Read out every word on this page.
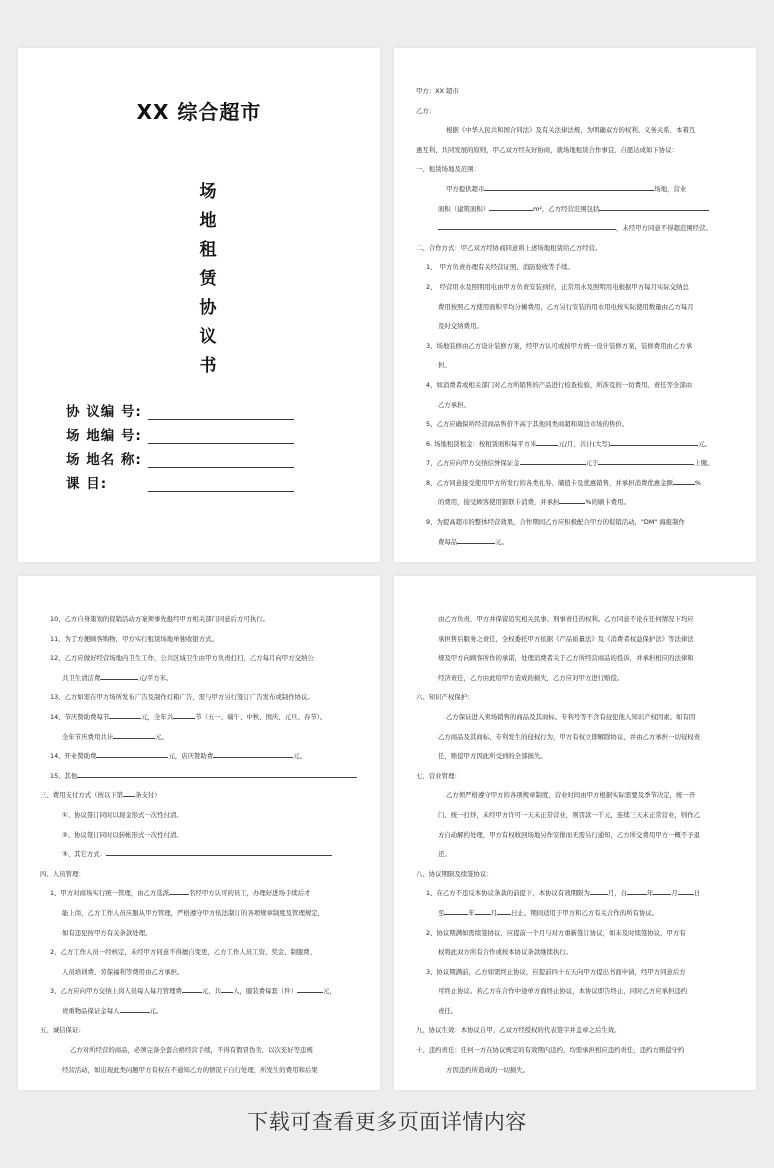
XX 综合超市
场
地
租
赁
协
议
书
协 议编 号:
场 地编 号:
场 地名 称:
课 目:

甲方：XX 超市

乙方：

根据《中华人民共和国合同法》及有关法律法规，为明确双方的权利、义务关系，本着互

惠互利、共同发展的原则，甲乙双方经友好协商，就场地租赁合作事宜，自愿达成如下协议：

一、租赁场地及范围：

甲方提供超市	场地，营业

面积（建筑面积）	m²，乙方经营范围包括

，未经甲方同意不得超范围经营。

二、合作方式：甲乙双方经协商同意将上述场地租赁给乙方经营。

1、　甲方负责办理有关经营证照、消防验收等手续。

2、　经营用水及照明用电由甲方负责安装到位，正常用水及照明用电根据甲方每月实际交纳总

费用按照乙方使用面积平均分摊费用，乙方另行安装的用水用电按实际使用数量由乙方每月

及时交纳费用。

3、场地装修由乙方设计装修方案，经甲方认可或按甲方统一设计装修方案，装修费用由乙方承

担。

4、如消费者或相关部门对乙方所销售的产品进行检查检验，所涉及的一切费用、责任等全部由

乙方承担。

5、乙方应确保所经营商品售价不高于其他同类商超和周边市场的售价。

6. 场地租赁租金：按租赁面积每平方米	元/月，共计(大写)	元。

7、乙方应向甲方交纳信誉保证金	元于	上缴。

8、乙方同意接受使用甲方所发行的各类礼券、储值卡及优惠销售，并承担消费优惠金额	%

的费用，接受顾客使用银联卡消费，并承担	%的刷卡费用。

9、为提高超市的整体经营效果，合作期间乙方应积极配合甲方的促销活动，"DM" 海报制作

费每品	元。

10、乙方自身策划的促销活动方案须事先报经甲方相关部门同意后方可执行。

11、为了方便顾客购物，甲方实行租赁场地单独收银方式。

12、乙方应做好经营场地内卫生工作，公共区域卫生由甲方负责打扫，乙方每月向甲方交纳公

共卫生清洁费	元/平方米。

13、乙方如需在甲方场所发布广告及制作灯箱广告，需与甲方另行签订广告发布或制作协议。

14、节庆赞助费每节	元，全年共	节（五一、端午、中秋、国庆、元旦、春节）。

全年节庆费用共计	元。

14、开业赞助费	元，店庆赞助费	元。

15、其他

三、费用支付方式（按以下第 条支付）

①、协议签订同时以现金形式一次性付清。

②、协议签订同时以转帐形式一次性付清。

③、其它方式：

四、人员管理：

1、甲方对商场实行统一管理，由乙方选派	名经甲方认可的员工，办理好进场手续后才

能上岗，乙方工作人员应服从甲方管理，严格遵守甲方依法制订的各项规章制度及管理规定，

如有违犯按甲方有关条款处理。

2、乙方工作人员一经核定，未经甲方同意不得擅自变更，乙方工作人员工资、奖金、制服费、

人员培训费、劳保福利等费用由乙方承担。

3、乙方应向甲方交纳上岗人员每人每月管理费	元，共 人，服装费每套（件）	元，

贵重物品保证金每人	元。

五、诚信保证：

乙方对所经营的商品，必须完备全套合格经营手续，不得有假冒伪劣，以次充好等违规

经营活动，如出现此类问题甲方有权在不通知乙方的情况下自行处理，所发生的费用和后果

由乙方负责，甲方并保留追究相关民事、刑事责任的权利。乙方同意不论在任何情况下均应

承担售后服务之责任，全权委托甲方依据《产品质量法》及《消费者权益保护法》等法律法

规及甲方向顾客所作的承诺，处理消费者关于乙方所经营商品的投诉，并承担相应的法律和

经济责任，乙方由此给甲方造成的损失，乙方应对甲方进行赔偿。

六、知识产权保护：

乙方保证进入卖场销售的商品及其商标、专利号等不含有侵犯他人知识产权因素。如有因

乙方商品及其商标、专利发生的侵权行为，甲方有权立即解除协议，并由乙方承担一切侵权责

任，赔偿甲方因此所受到的全部损失。

七、营业管理：

乙方须严格遵守甲方的各项规章制度，营业时间由甲方根据实际需要及季节决定，统一开

门、统一打烊，未经甲方许可一天未正常营业，则罚款一千元，连续三天未正常营业，则作乙

方自动解约处理，甲方有权收回场地另作安排而无需另行通知，乙方所交费用甲方一概不予退

还。

八、协议期限及续签协议：

1、在乙方不违反本协议条款的前提下，本协议有效期限为	月，自	年	月	日

至	年	月 日止。期间适用于甲方和乙方有关合作的所有协议。

2、协议期满如需续签协议，应提前一个月与对方重新签订协议，如未及时续签协议，甲方有

权将此双方所有合作或按本协议条款继续执行。

3、协议期满前，乙方如需终止协议，应提前四十五天向甲方提出书面申请，经甲方同意后方

可终止协议。若乙方在合作中途单方面终止协议，本协议即告终止，同时乙方应承担违约

责任。

九、协议生效：本协议自甲、乙双方经授权的代表签字并盖章之后生效。

十、违约责任：任何一方在协议规定的有效期内违约，均需承担相应违约责任，违约方赔偿守约

方因违约所造成的一切损失。

下载可查看更多页面详情内容
